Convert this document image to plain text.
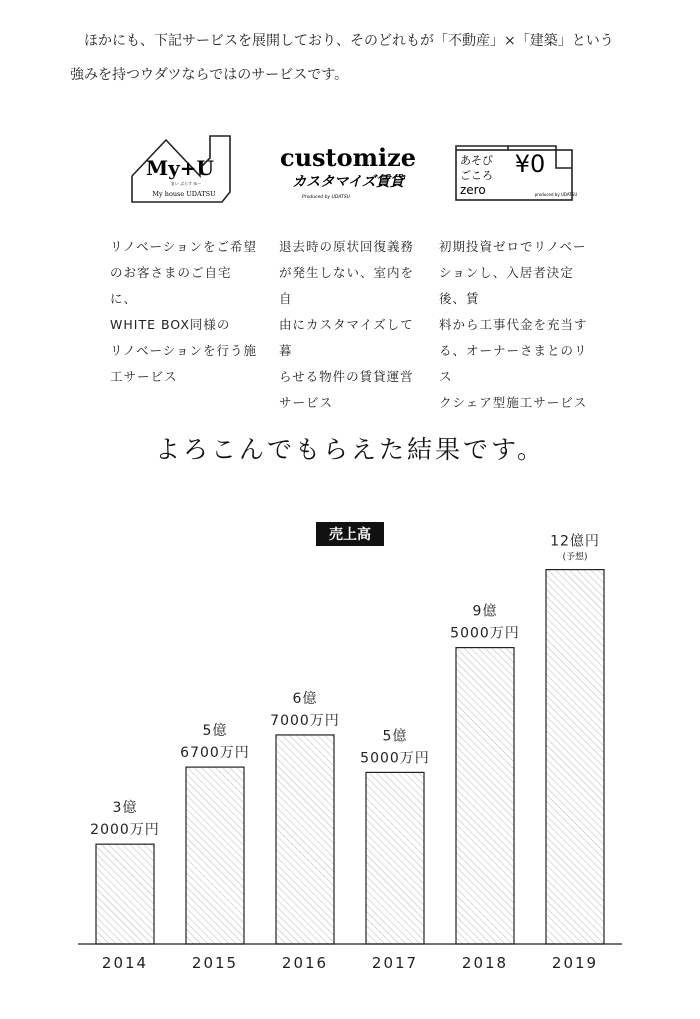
ほかにも、下記サービスを展開しており、そのどれもが「不動産」×「建築」という

強みを持つウダツならではのサービスです。

My+U
まい ぷらす ゆー
My house UDATSU
customize
カスタマイズ賃貸
Produced by UDATSU
あそび
ごころ
zero
¥0
produced by UDATSU

リノベーションをご希望
のお客さまのご自宅に、
WHITE BOX同様の
リノベーションを行う施
工サービス

退去時の原状回復義務
が発生しない、室内を自
由にカスタマイズして暮
らせる物件の賃貸運営
サービス

初期投資ゼロでリノベー
ションし、入居者決定後、賃
料から工事代金を充当す
る、オーナーさまとのリス
クシェア型施工サービス

よろこんでもらえた結果です。
売上高
3億
2000万円
2014
5億
6700万円
2015
6億
7000万円
2016
5億
5000万円
2017
9億
5000万円
2018
12億円
(予想)
2019
